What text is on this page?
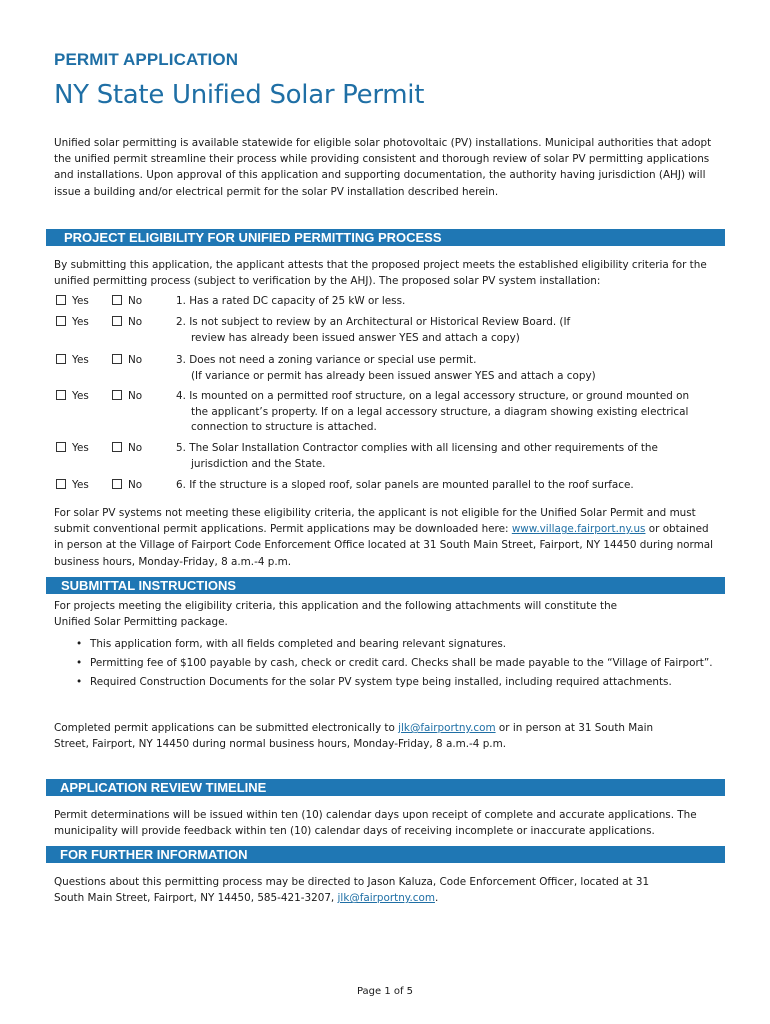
PERMIT APPLICATION
NY State Unified Solar Permit
Unified solar permitting is available statewide for eligible solar photovoltaic (PV) installations. Municipal authorities that adopt the unified permit streamline their process while providing consistent and thorough review of solar PV permitting applications and installations. Upon approval of this application and supporting documentation, the authority having jurisdiction (AHJ) will issue a building and/or electrical permit for the solar PV installation described herein.
PROJECT ELIGIBILITY FOR UNIFIED PERMITTING PROCESS
By submitting this application, the applicant attests that the proposed project meets the established eligibility criteria for the unified permitting process (subject to verification by the AHJ). The proposed solar PV system installation:
Yes	No	1. Has a rated DC capacity of 25 kW or less.
Yes	No	2. Is not subject to review by an Architectural or Historical Review Board. (If
review has already been issued answer YES and attach a copy)
Yes	No	3. Does not need a zoning variance or special use permit.
(If variance or permit has already been issued answer YES and attach a copy)
Yes	No	4. Is mounted on a permitted roof structure, on a legal accessory structure, or ground mounted on
the applicant’s property. If on a legal accessory structure, a diagram showing existing electrical connection to structure is attached.
Yes	No	5. The Solar Installation Contractor complies with all licensing and other requirements of the
jurisdiction and the State.
Yes	No	6. If the structure is a sloped roof, solar panels are mounted parallel to the roof surface.
For solar PV systems not meeting these eligibility criteria, the applicant is not eligible for the Unified Solar Permit and must submit conventional permit applications. Permit applications may be downloaded here: www.village.fairport.ny.us or obtained in person at the Village of Fairport Code Enforcement Office located at 31 South Main Street, Fairport, NY 14450 during normal business hours, Monday-Friday, 8 a.m.-4 p.m.
SUBMITTAL INSTRUCTIONS
For projects meeting the eligibility criteria, this application and the following attachments will constitute the Unified Solar Permitting package.
• This application form, with all fields completed and bearing relevant signatures.
• Permitting fee of $100 payable by cash, check or credit card. Checks shall be made payable to the “Village of Fairport”.
• Required Construction Documents for the solar PV system type being installed, including required attachments.
Completed permit applications can be submitted electronically to jlk@fairportny.com or in person at 31 South Main Street, Fairport, NY 14450 during normal business hours, Monday-Friday, 8 a.m.-4 p.m.
APPLICATION REVIEW TIMELINE
Permit determinations will be issued within ten (10) calendar days upon receipt of complete and accurate applications. The municipality will provide feedback within ten (10) calendar days of receiving incomplete or inaccurate applications.
FOR FURTHER INFORMATION
Questions about this permitting process may be directed to Jason Kaluza, Code Enforcement Officer, located at 31 South Main Street, Fairport, NY 14450, 585-421-3207, jlk@fairportny.com.
Page 1 of 5
